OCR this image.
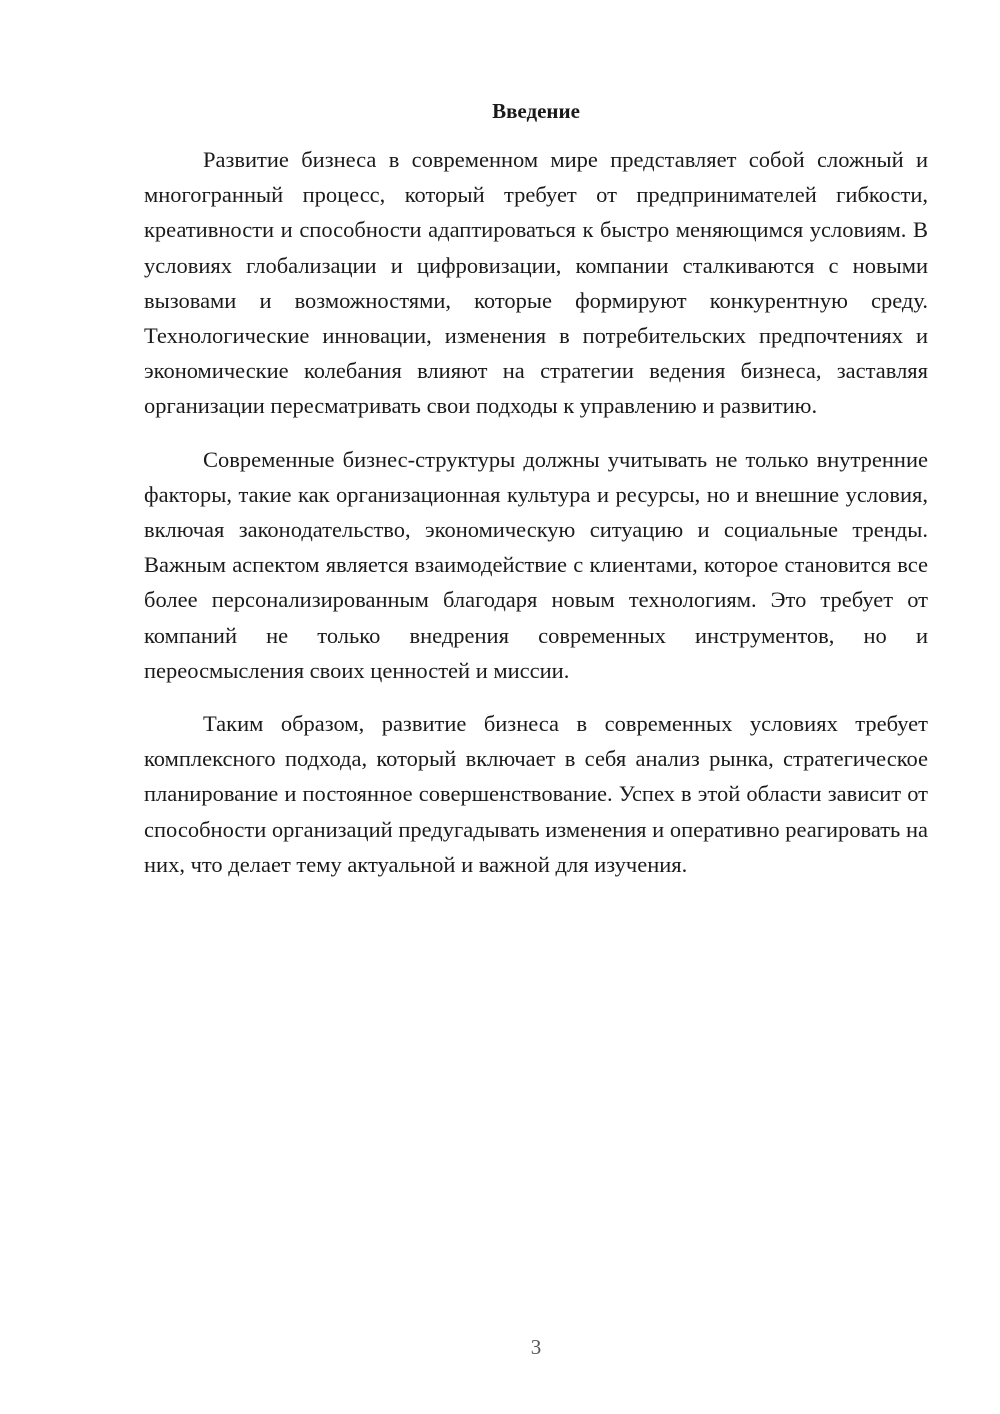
Введение

Развитие бизнеса в современном мире представляет собой сложный и многогранный процесс, который требует от предпринимателей гибкости, креативности и способности адаптироваться к быстро меняющимся условиям. В условиях глобализации и цифровизации, компании сталкиваются с новыми вызовами и возможностями, которые формируют конкурентную среду. Технологические инновации, изменения в потребительских предпочтениях и экономические колебания влияют на стратегии ведения бизнеса, заставляя организации пересматривать свои подходы к управлению и развитию.

Современные бизнес-структуры должны учитывать не только внутренние факторы, такие как организационная культура и ресурсы, но и внешние условия, включая законодательство, экономическую ситуацию и социальные тренды. Важным аспектом является взаимодействие с клиентами, которое становится все более персонализированным благодаря новым технологиям. Это требует от компаний не только внедрения современных инструментов, но и переосмысления своих ценностей и миссии.

Таким образом, развитие бизнеса в современных условиях требует комплексного подхода, который включает в себя анализ рынка, стратегическое планирование и постоянное совершенствование. Успех в этой области зависит от способности организаций предугадывать изменения и оперативно реагировать на них, что делает тему актуальной и важной для изучения.

3
